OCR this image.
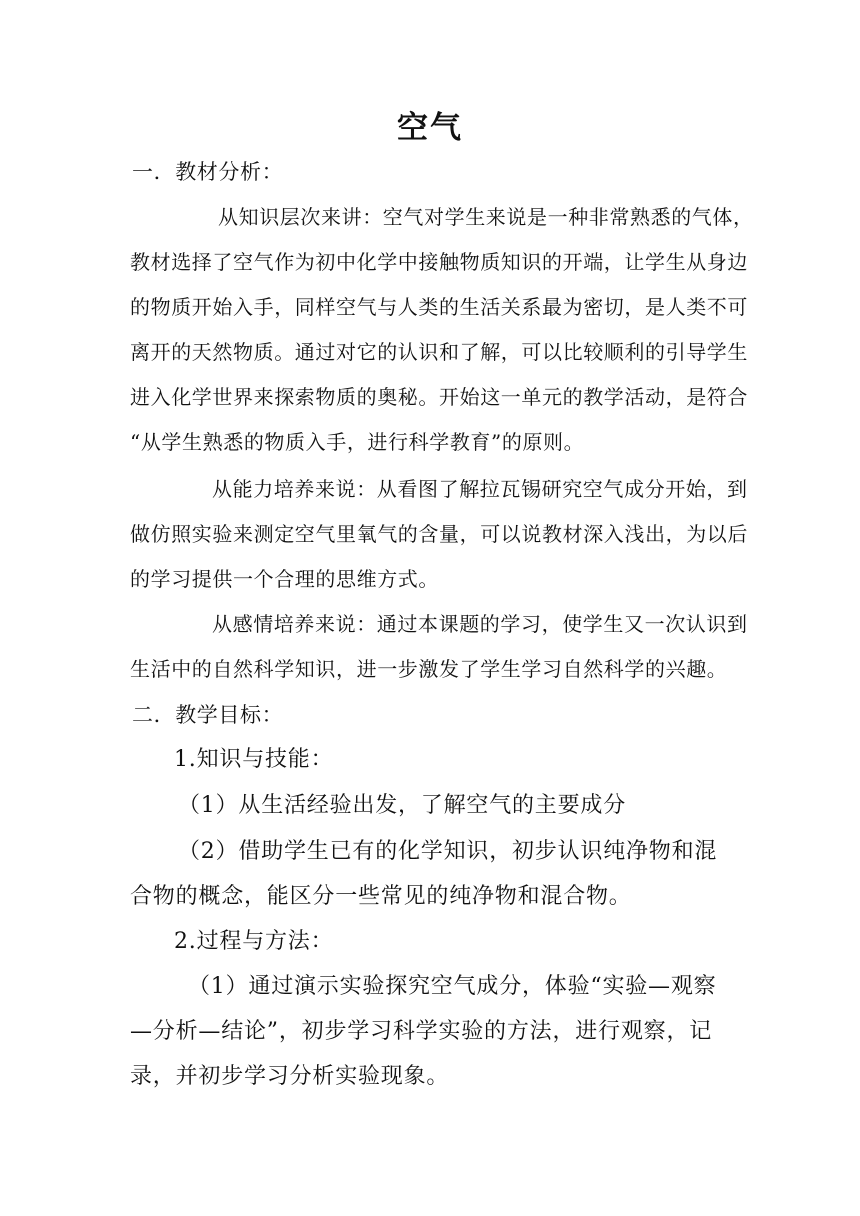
空气
一．教材分析：
从知识层次来讲：空气对学生来说是一种非常熟悉的气体，
教材选择了空气作为初中化学中接触物质知识的开端，让学生从身边
的物质开始入手，同样空气与人类的生活关系最为密切，是人类不可
离开的天然物质。通过对它的认识和了解，可以比较顺利的引导学生
进入化学世界来探索物质的奥秘。开始这一单元的教学活动，是符合
“从学生熟悉的物质入手，进行科学教育”的原则。
从能力培养来说：从看图了解拉瓦锡研究空气成分开始，到
做仿照实验来测定空气里氧气的含量，可以说教材深入浅出，为以后
的学习提供一个合理的思维方式。
从感情培养来说：通过本课题的学习，使学生又一次认识到
生活中的自然科学知识，进一步激发了学生学习自然科学的兴趣。
二．教学目标：
1.知识与技能：
（1）从生活经验出发，了解空气的主要成分
（2）借助学生已有的化学知识，初步认识纯净物和混
合物的概念，能区分一些常见的纯净物和混合物。
2.过程与方法：
（1）通过演示实验探究空气成分，体验“实验—观察
—分析—结论”，初步学习科学实验的方法，进行观察，记
录，并初步学习分析实验现象。
